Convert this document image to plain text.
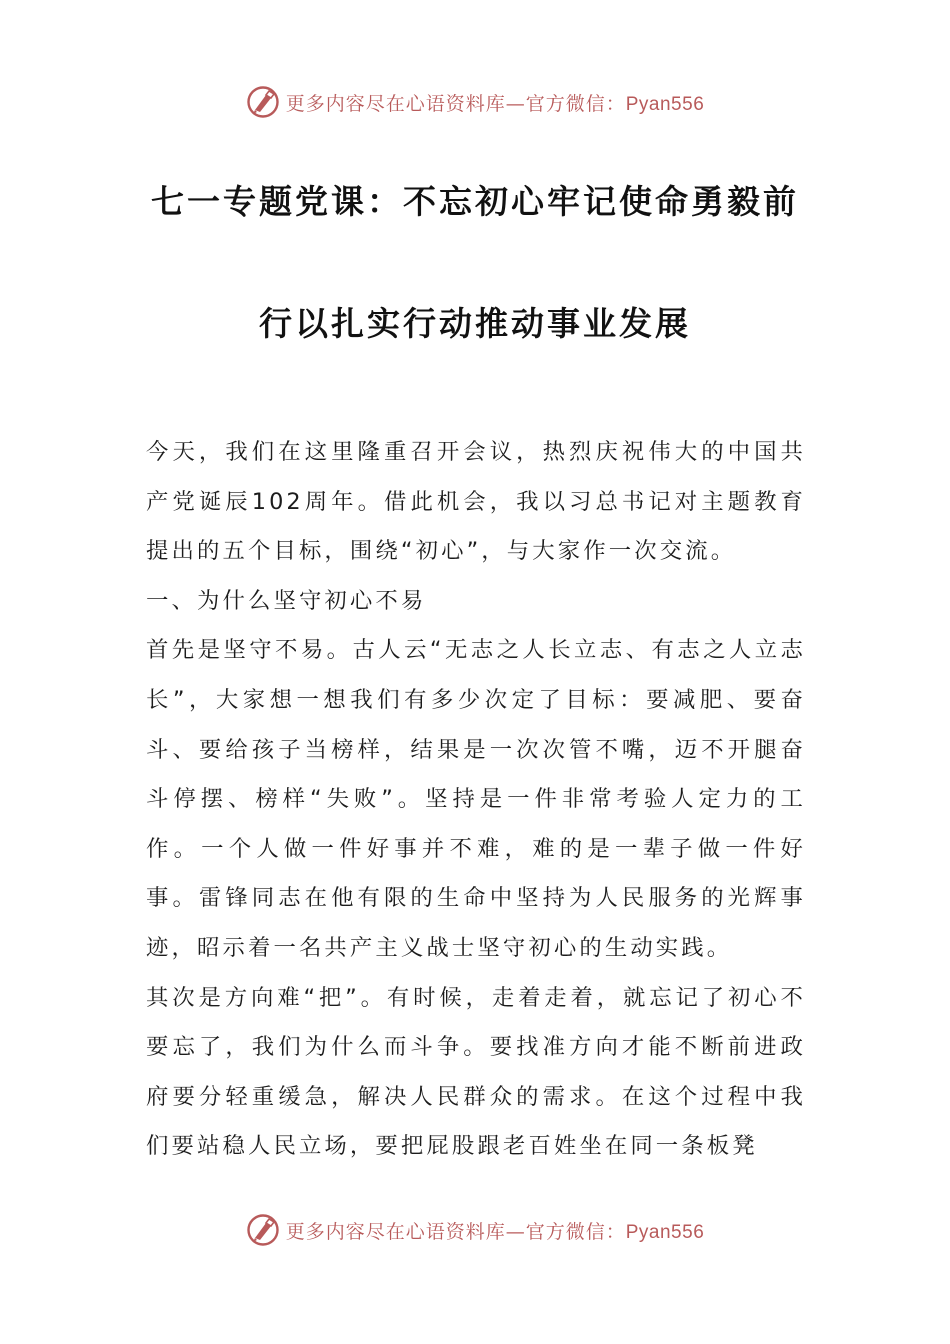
更多内容尽在心语资料库—官方微信：Pyan556
七一专题党课：不忘初心牢记使命勇毅前
行以扎实行动推动事业发展

今天，我们在这里隆重召开会议，热烈庆祝伟大的中国共产党诞辰102周年。借此机会，我以习总书记对主题教育提出的五个目标，围绕“初心”，与大家作一次交流。

一、为什么坚守初心不易

首先是坚守不易。古人云“无志之人长立志、有志之人立志长”，大家想一想我们有多少次定了目标：要减肥、要奋斗、要给孩子当榜样，结果是一次次管不嘴，迈不开腿奋斗停摆、榜样“失败”。坚持是一件非常考验人定力的工作。一个人做一件好事并不难，难的是一辈子做一件好事。雷锋同志在他有限的生命中坚持为人民服务的光辉事迹，昭示着一名共产主义战士坚守初心的生动实践。

其次是方向难“把”。有时候，走着走着，就忘记了初心不要忘了，我们为什么而斗争。要找准方向才能不断前进政府要分轻重缓急，解决人民群众的需求。在这个过程中我们要站稳人民立场，要把屁股跟老百姓坐在同一条板凳

更多内容尽在心语资料库—官方微信：Pyan556
